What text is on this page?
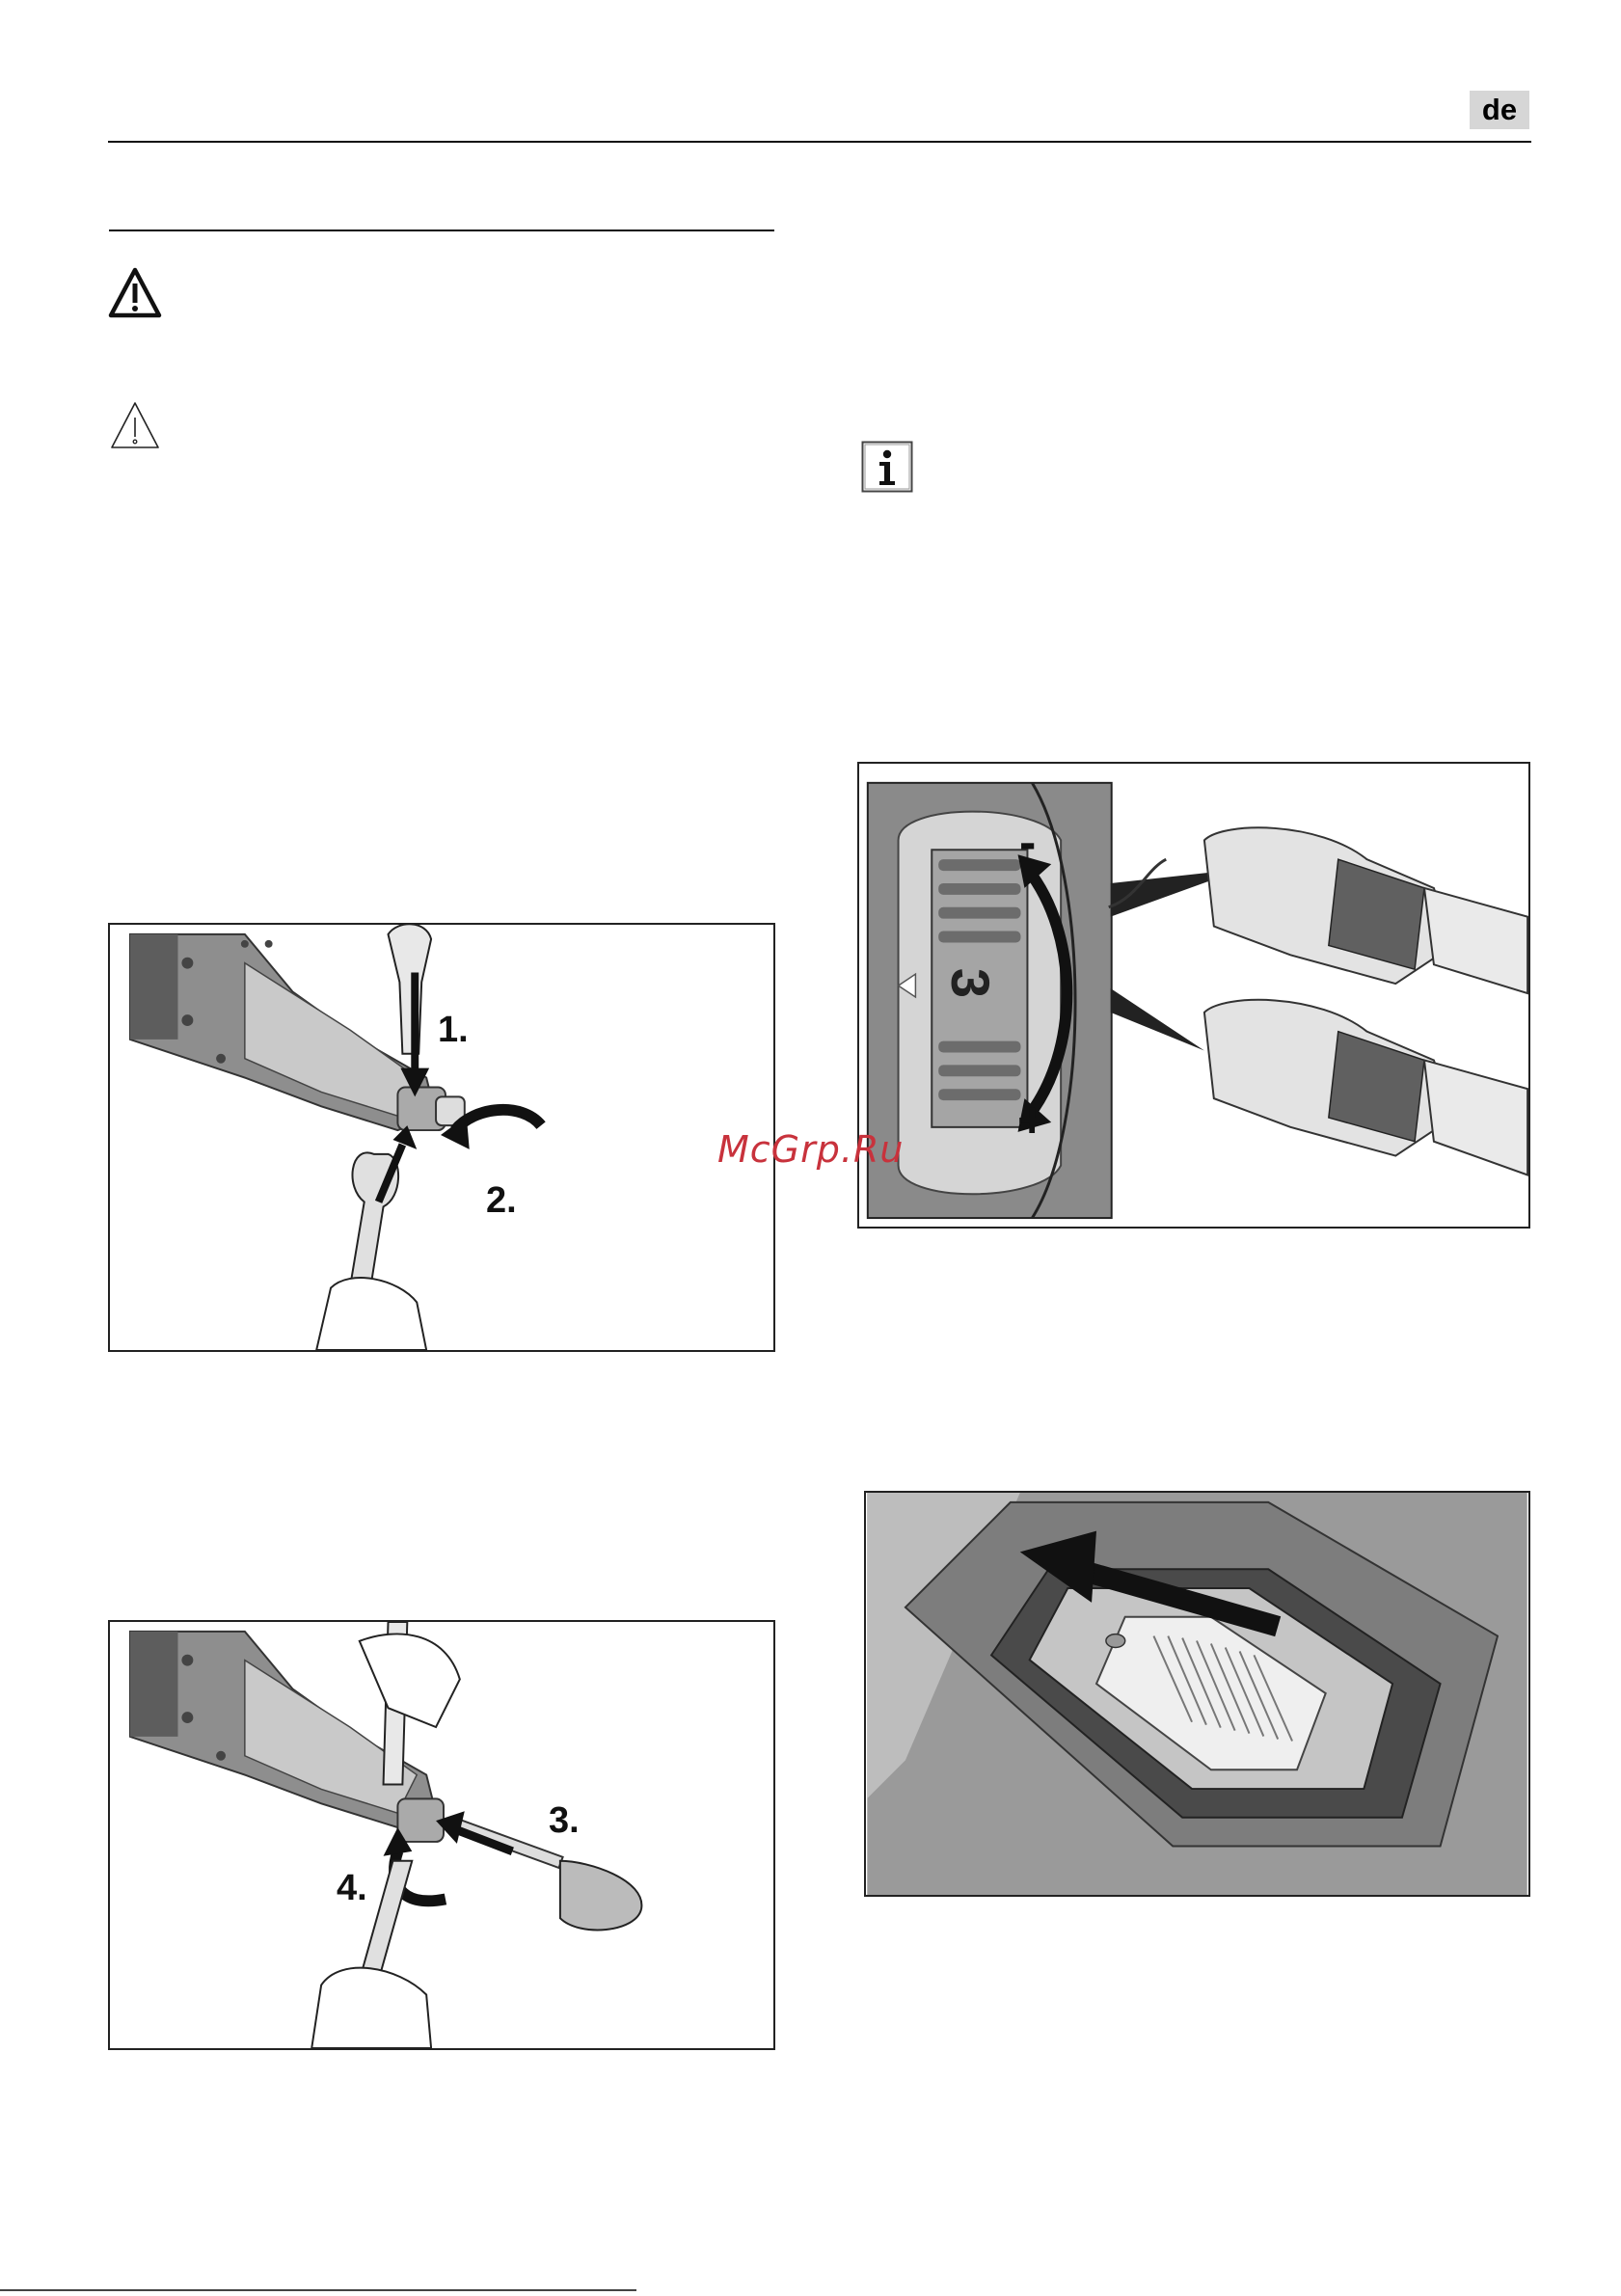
de
1.
2.
3.
4.
3
-
+
McGrp.Ru
